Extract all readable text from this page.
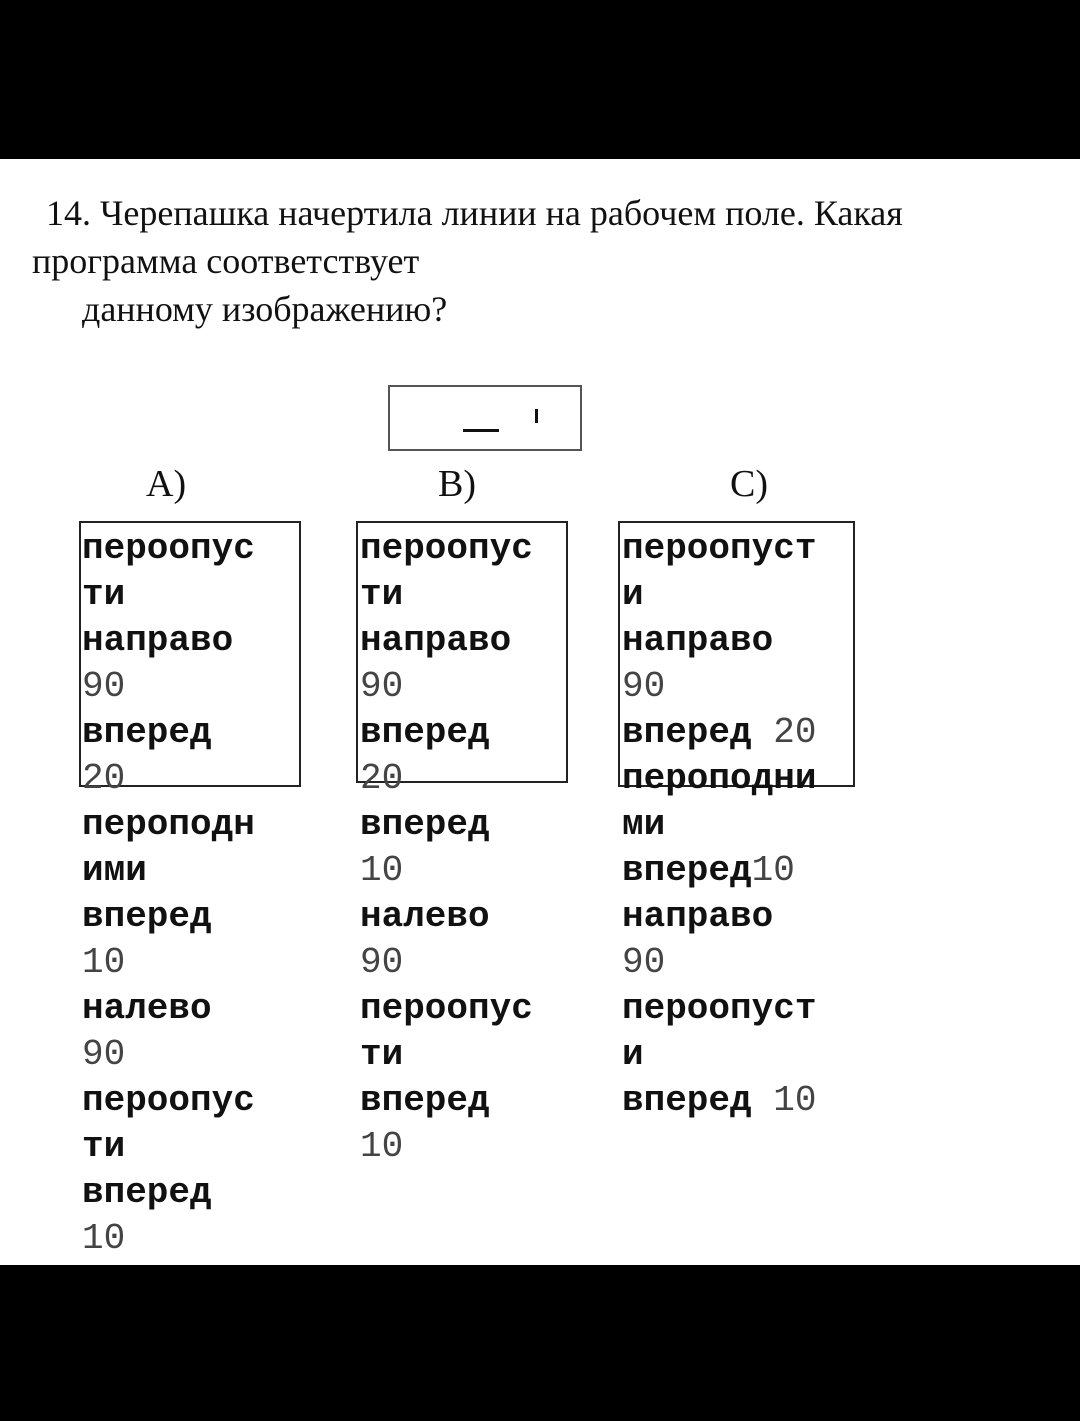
14. Черепашка начертила линии на рабочем поле. Какая
программа соответствует
данному изображению?
A)	B)	C)
пероопус
ти
направо
90
вперед
20
пероподн
ими
вперед
10
налево
90
пероопус
ти
вперед
10
пероопус
ти
направо
90
вперед
20
вперед
10
налево
90
пероопус
ти
вперед
10
пероопуст
и
направо
90
вперед 20
пероподни
ми
вперед10
направо
90
пероопуст
и
вперед 10
